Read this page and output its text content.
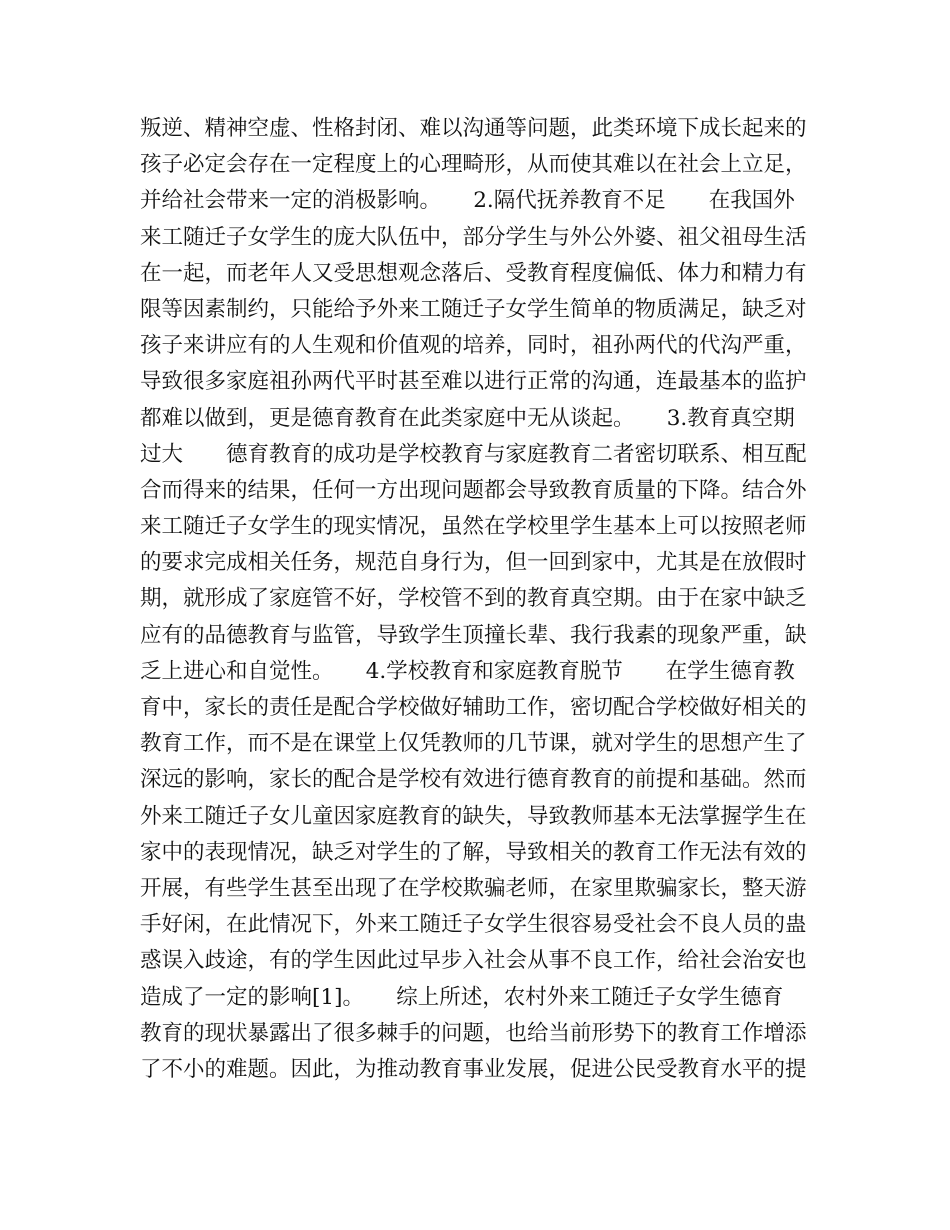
叛逆、精神空虚、性格封闭、难以沟通等问题，此类环境下成长起来的
孩子必定会存在一定程度上的心理畸形，从而使其难以在社会上立足，
并给社会带来一定的消极影响。　　2.隔代抚养教育不足　　在我国外
来工随迁子女学生的庞大队伍中，部分学生与外公外婆、祖父祖母生活
在一起，而老年人又受思想观念落后、受教育程度偏低、体力和精力有
限等因素制约，只能给予外来工随迁子女学生简单的物质满足，缺乏对
孩子来讲应有的人生观和价值观的培养，同时，祖孙两代的代沟严重，
导致很多家庭祖孙两代平时甚至难以进行正常的沟通，连最基本的监护
都难以做到，更是德育教育在此类家庭中无从谈起。　　3.教育真空期
过大　　德育教育的成功是学校教育与家庭教育二者密切联系、相互配
合而得来的结果，任何一方出现问题都会导致教育质量的下降。结合外
来工随迁子女学生的现实情况，虽然在学校里学生基本上可以按照老师
的要求完成相关任务，规范自身行为，但一回到家中，尤其是在放假时
期，就形成了家庭管不好，学校管不到的教育真空期。由于在家中缺乏
应有的品德教育与监管，导致学生顶撞长辈、我行我素的现象严重，缺
乏上进心和自觉性。　　4.学校教育和家庭教育脱节　　在学生德育教
育中，家长的责任是配合学校做好辅助工作，密切配合学校做好相关的
教育工作，而不是在课堂上仅凭教师的几节课，就对学生的思想产生了
深远的影响，家长的配合是学校有效进行德育教育的前提和基础。然而
外来工随迁子女儿童因家庭教育的缺失，导致教师基本无法掌握学生在
家中的表现情况，缺乏对学生的了解，导致相关的教育工作无法有效的
开展，有些学生甚至出现了在学校欺骗老师，在家里欺骗家长，整天游
手好闲，在此情况下，外来工随迁子女学生很容易受社会不良人员的蛊
惑误入歧途，有的学生因此过早步入社会从事不良工作，给社会治安也
造成了一定的影响[1]。　　综上所述，农村外来工随迁子女学生德育
教育的现状暴露出了很多棘手的问题，也给当前形势下的教育工作增添
了不小的难题。因此，为推动教育事业发展，促进公民受教育水平的提
